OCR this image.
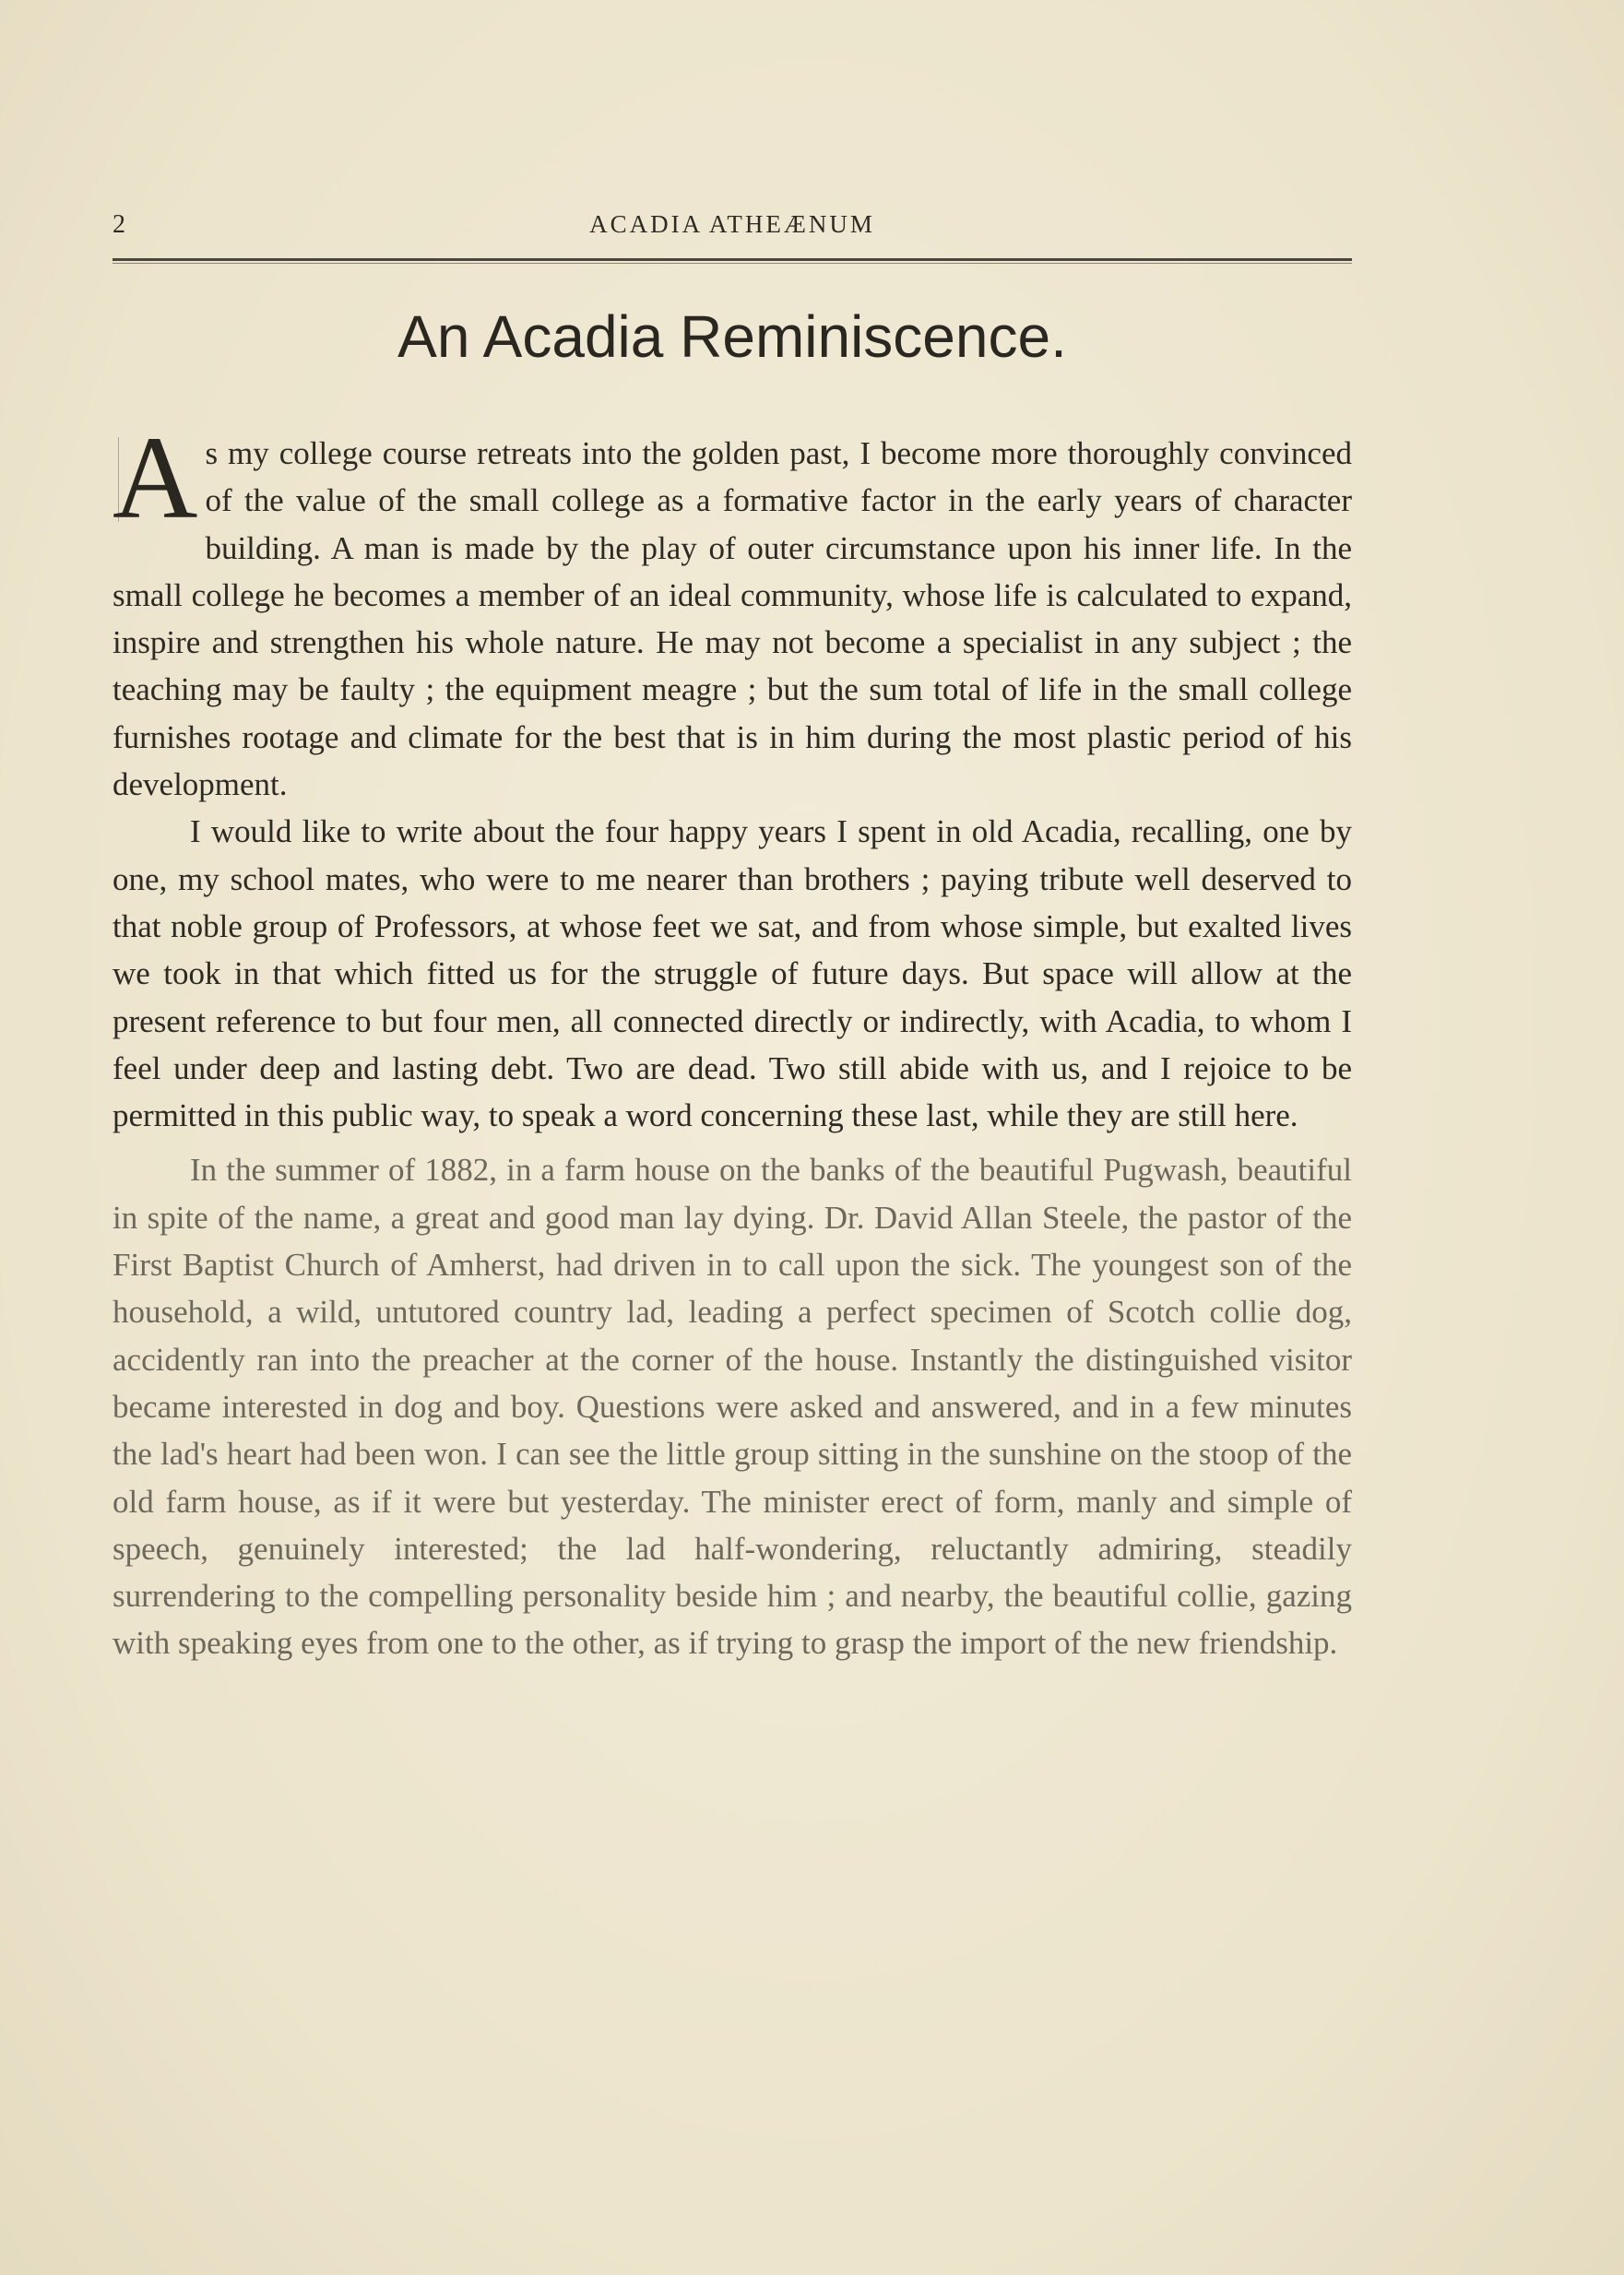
2	ACADIA ATHEÆNUM
An Acadia Reminiscence.

As my college course retreats into the golden past, I become more thoroughly convinced of the value of the small college as a formative factor in the early years of character building. A man is made by the play of outer circumstance upon his inner life. In the small college he becomes a member of an ideal community, whose life is calculated to expand, inspire and strengthen his whole nature. He may not become a specialist in any subject ; the teaching may be faulty ; the equipment meagre ; but the sum total of life in the small college furnishes rootage and climate for the best that is in him during the most plastic period of his development.

I would like to write about the four happy years I spent in old Acadia, recalling, one by one, my school mates, who were to me nearer than brothers ; paying tribute well deserved to that noble group of Professors, at whose feet we sat, and from whose simple, but exalted lives we took in that which fitted us for the struggle of future days. But space will allow at the present reference to but four men, all connected directly or indirectly, with Acadia, to whom I feel under deep and lasting debt. Two are dead. Two still abide with us, and I rejoice to be permitted in this public way, to speak a word concerning these last, while they are still here.

In the summer of 1882, in a farm house on the banks of the beautiful Pugwash, beautiful in spite of the name, a great and good man lay dying. Dr. David Allan Steele, the pastor of the First Baptist Church of Amherst, had driven in to call upon the sick. The youngest son of the household, a wild, untutored country lad, leading a perfect specimen of Scotch collie dog, accidently ran into the preacher at the corner of the house. Instantly the distinguished visitor became interested in dog and boy. Questions were asked and answered, and in a few minutes the lad's heart had been won. I can see the little group sitting in the sunshine on the stoop of the old farm house, as if it were but yesterday. The minister erect of form, manly and simple of speech, genuinely interested; the lad half-wondering, reluctantly admiring, steadily surrendering to the compelling personality beside him ; and nearby, the beautiful collie, gazing with speaking eyes from one to the other, as if trying to grasp the import of the new friendship.
